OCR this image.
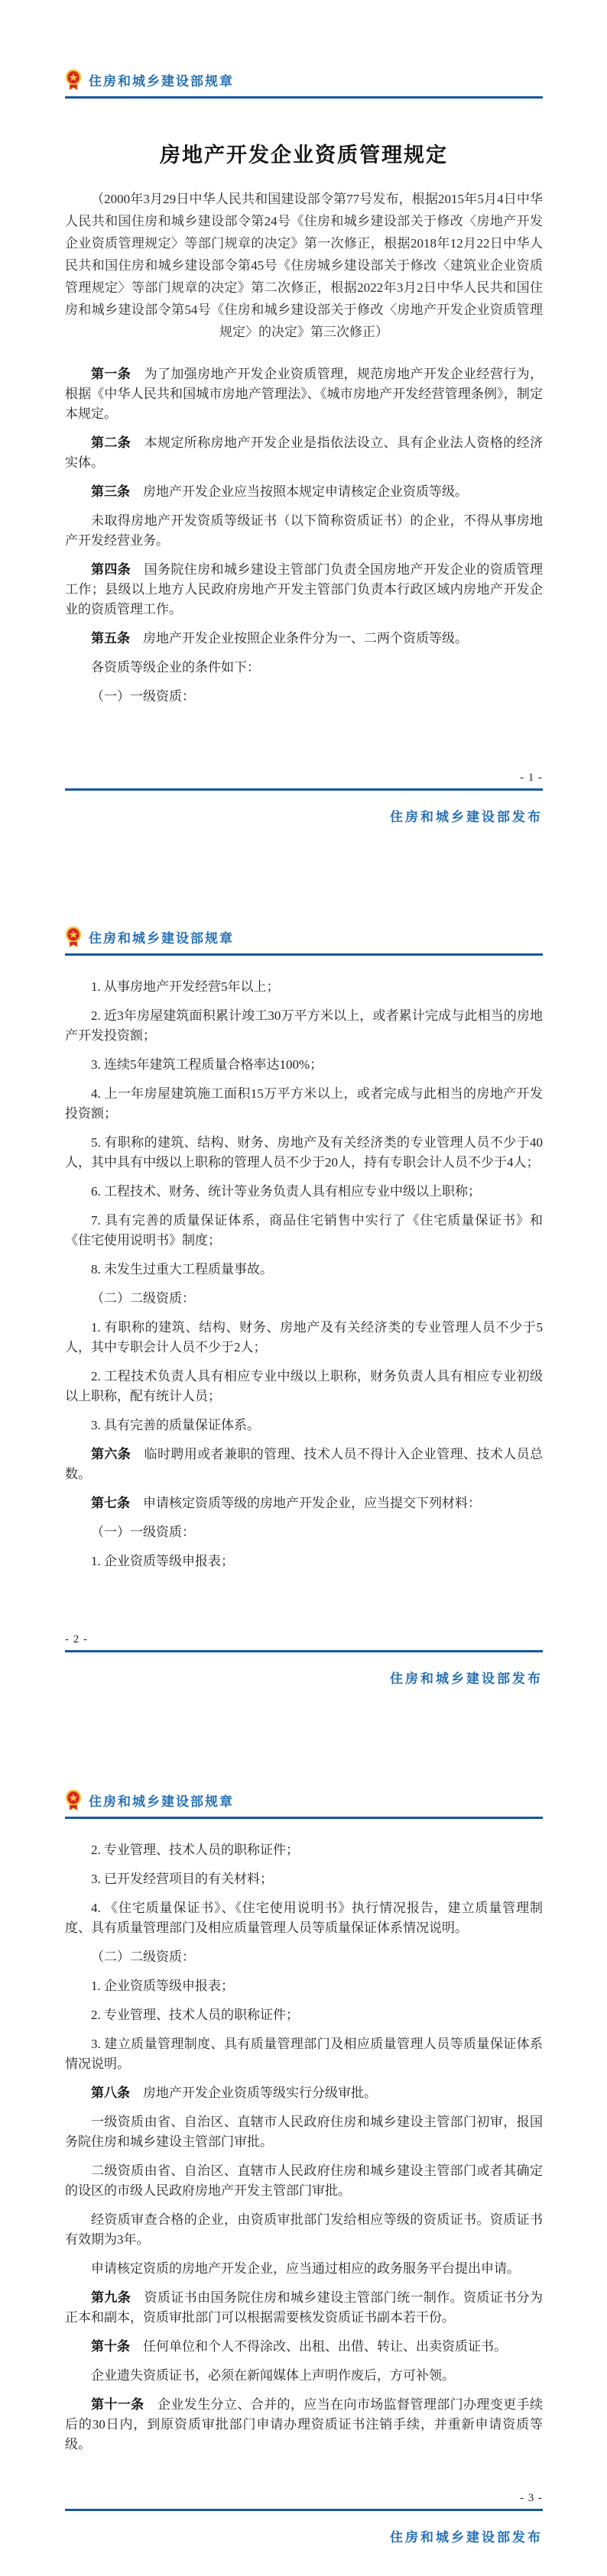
住房和城乡建设部规章
房地产开发企业资质管理规定

（2000年3月29日中华人民共和国建设部令第77号发布，根据2015年5月4日中华人民共和国住房和城乡建设部令第24号《住房和城乡建设部关于修改〈房地产开发企业资质管理规定〉等部门规章的决定》第一次修正，根据2018年12月22日中华人民共和国住房和城乡建设部令第45号《住房城乡建设部关于修改〈建筑业企业资质管理规定〉等部门规章的决定》第二次修正，根据2022年3月2日中华人民共和国住房和城乡建设部令第54号《住房和城乡建设部关于修改〈房地产开发企业资质管理规定〉的决定》第三次修正）

第一条　为了加强房地产开发企业资质管理，规范房地产开发企业经营行为，根据《中华人民共和国城市房地产管理法》、《城市房地产开发经营管理条例》，制定本规定。

第二条　本规定所称房地产开发企业是指依法设立、具有企业法人资格的经济实体。

第三条　房地产开发企业应当按照本规定申请核定企业资质等级。

未取得房地产开发资质等级证书（以下简称资质证书）的企业，不得从事房地产开发经营业务。

第四条　国务院住房和城乡建设主管部门负责全国房地产开发企业的资质管理工作；县级以上地方人民政府房地产开发主管部门负责本行政区域内房地产开发企业的资质管理工作。

第五条　房地产开发企业按照企业条件分为一、二两个资质等级。

各资质等级企业的条件如下：

（一）一级资质：

- 1 -
住房和城乡建设部发布
住房和城乡建设部规章

1. 从事房地产开发经营5年以上；

2. 近3年房屋建筑面积累计竣工30万平方米以上，或者累计完成与此相当的房地产开发投资额；

3. 连续5年建筑工程质量合格率达100%；

4. 上一年房屋建筑施工面积15万平方米以上，或者完成与此相当的房地产开发投资额；

5. 有职称的建筑、结构、财务、房地产及有关经济类的专业管理人员不少于40人，其中具有中级以上职称的管理人员不少于20人，持有专职会计人员不少于4人；

6. 工程技术、财务、统计等业务负责人具有相应专业中级以上职称；

7. 具有完善的质量保证体系，商品住宅销售中实行了《住宅质量保证书》和《住宅使用说明书》制度；

8. 未发生过重大工程质量事故。

（二）二级资质：

1. 有职称的建筑、结构、财务、房地产及有关经济类的专业管理人员不少于5人，其中专职会计人员不少于2人；

2. 工程技术负责人具有相应专业中级以上职称，财务负责人具有相应专业初级以上职称，配有统计人员；

3. 具有完善的质量保证体系。

第六条　临时聘用或者兼职的管理、技术人员不得计入企业管理、技术人员总数。

第七条　申请核定资质等级的房地产开发企业，应当提交下列材料：

（一）一级资质：

1. 企业资质等级申报表；

- 2 -
住房和城乡建设部发布
住房和城乡建设部规章

2. 专业管理、技术人员的职称证件；

3. 已开发经营项目的有关材料；

4. 《住宅质量保证书》、《住宅使用说明书》执行情况报告，建立质量管理制度、具有质量管理部门及相应质量管理人员等质量保证体系情况说明。

（二）二级资质：

1. 企业资质等级申报表；

2. 专业管理、技术人员的职称证件；

3. 建立质量管理制度、具有质量管理部门及相应质量管理人员等质量保证体系情况说明。

第八条　房地产开发企业资质等级实行分级审批。

一级资质由省、自治区、直辖市人民政府住房和城乡建设主管部门初审，报国务院住房和城乡建设主管部门审批。

二级资质由省、自治区、直辖市人民政府住房和城乡建设主管部门或者其确定的设区的市级人民政府房地产开发主管部门审批。

经资质审查合格的企业，由资质审批部门发给相应等级的资质证书。资质证书有效期为3年。

申请核定资质的房地产开发企业，应当通过相应的政务服务平台提出申请。

第九条　资质证书由国务院住房和城乡建设主管部门统一制作。资质证书分为正本和副本，资质审批部门可以根据需要核发资质证书副本若干份。

第十条　任何单位和个人不得涂改、出租、出借、转让、出卖资质证书。

企业遗失资质证书，必须在新闻媒体上声明作废后，方可补领。

第十一条　企业发生分立、合并的，应当在向市场监督管理部门办理变更手续后的30日内，到原资质审批部门申请办理资质证书注销手续，并重新申请资质等级。

- 3 -
住房和城乡建设部发布
